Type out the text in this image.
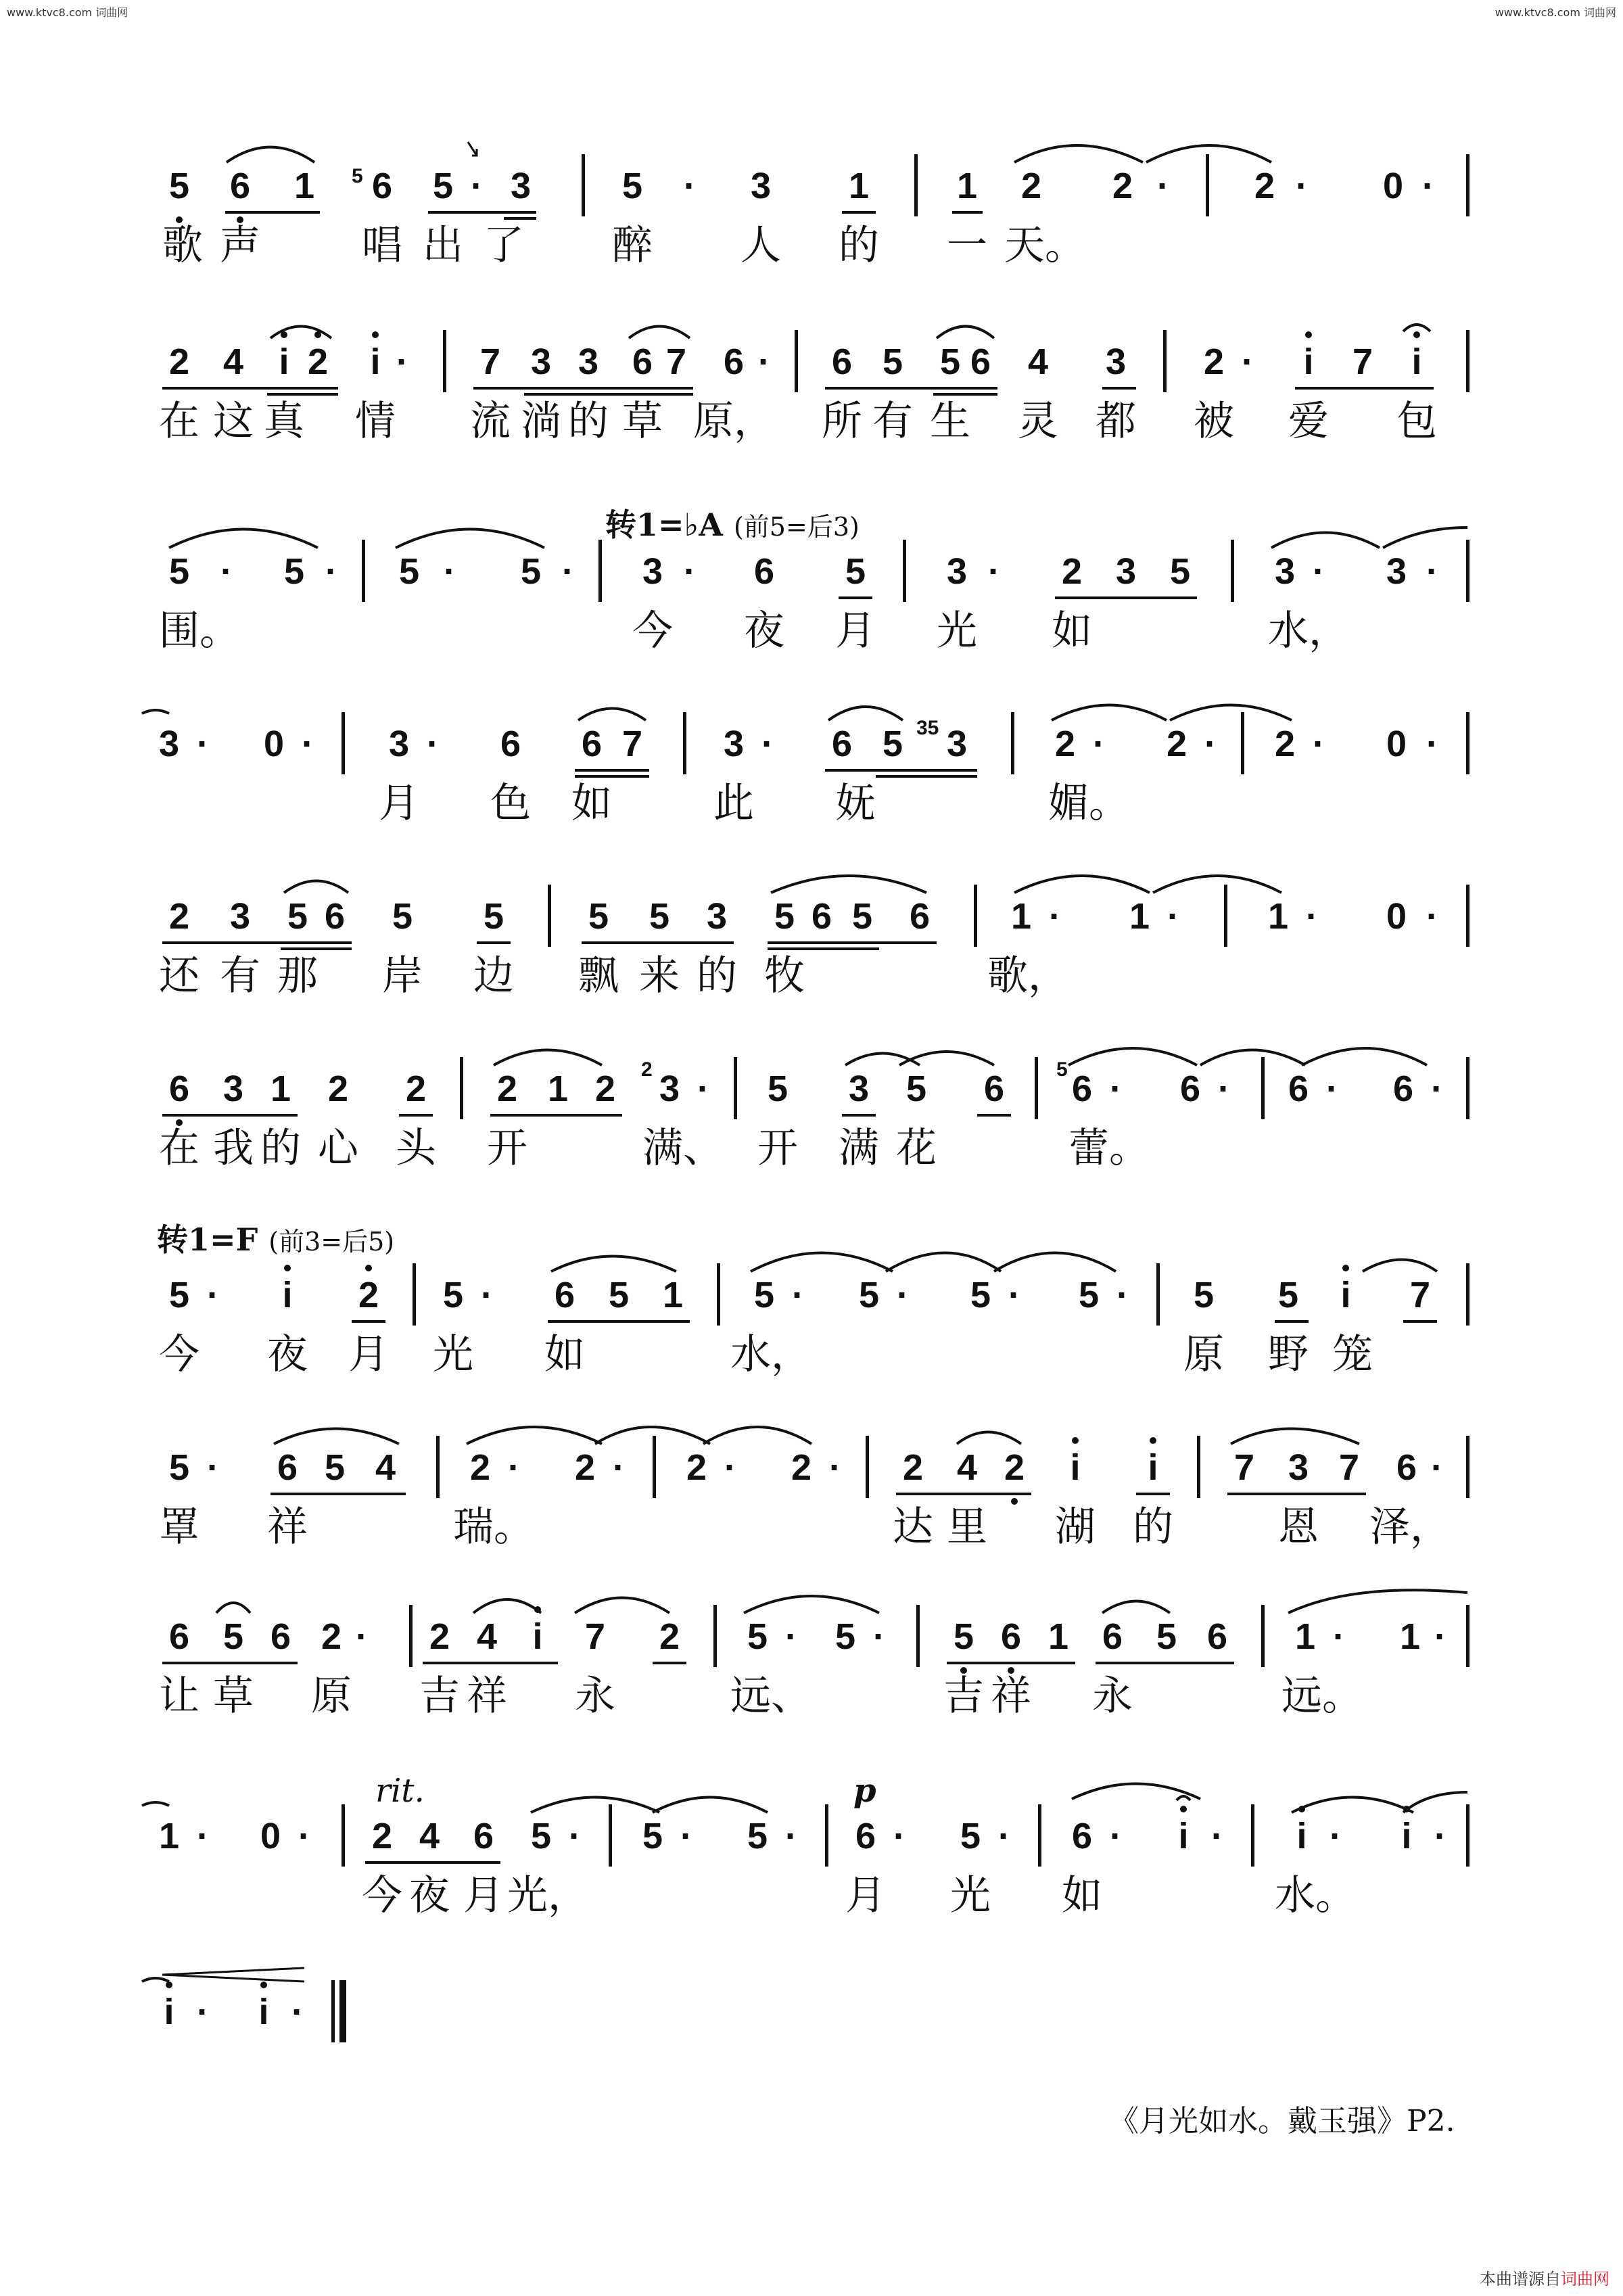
www.ktvc8.com 词曲网	www.ktvc8.com 词曲网
转1=♭A (前5=后3)
转1=F (前3=后5)
rit.	p
5
35
2	5
5	6	1	6	5 · 3	5	·	3	1	1	2	2 ·	2 ·	0 ·
歌 声	唱 出 了 醉 人 的 一 天。
2 4 i 2	i ·	7 3 3 6 7	6 ·	6 5	5 6	4	3	2 ·	i	7	i
在 这 真 情 流 淌 的 草 原， 所 有 生 灵 都 被 爱 包
5 ·	5 ·	5 ·	5 ·	3 ·	6	5	3 ·	2 3 5	3 ·	3 ·
围。	今 夜 月 光 如	水，
3 ·	0 ·	3 ·	6	6 7	3 ·	6 5	3	2 ·	2 ·	2 ·	0 ·
月 色 如	此 妩	媚。
2	3	5 6	5	5	5	5	3	5 6 5	6	1 ·	1 ·	1 ·	0 ·
还 有 那 岸 边 飘 来 的 牧	歌，
6 3 1	2	2	2 1 2	3 ·	5	3	5	6	6 ·	6 ·	6 ·	6 ·
在 我 的 心 头 开	满、 开 满 花	蕾。
5 ·	i	2	5 ·	6 5 1	5 ·	5 ·	5 ·	5 ·	5	5	i	7
今 夜 月 光 如	水，	原 野 笼
5 ·	6 5 4	2 ·	2 ·	2 ·	2 ·	2 4 2	i	i	7 3 7	6 ·
罩 祥	瑞。	达 里 湖 的	恩 泽，
6 5 6 2 ·	2 4 i	7	2	5 ·	5 ·	5 6 1 6 5 6	1 ·	1 ·
让 草 原 吉 祥 永	远、	吉 祥 永	远。
1 ·	0 ·	2 4 6	5 ·	5 ·	5 ·	6 ·	5 ·	6 ·	i ·	i ·	i ·
今 夜 月 光，	月 光 如	水。
i ·	i ·
《月光如水。戴玉强》P2.
本曲谱源自词曲网
